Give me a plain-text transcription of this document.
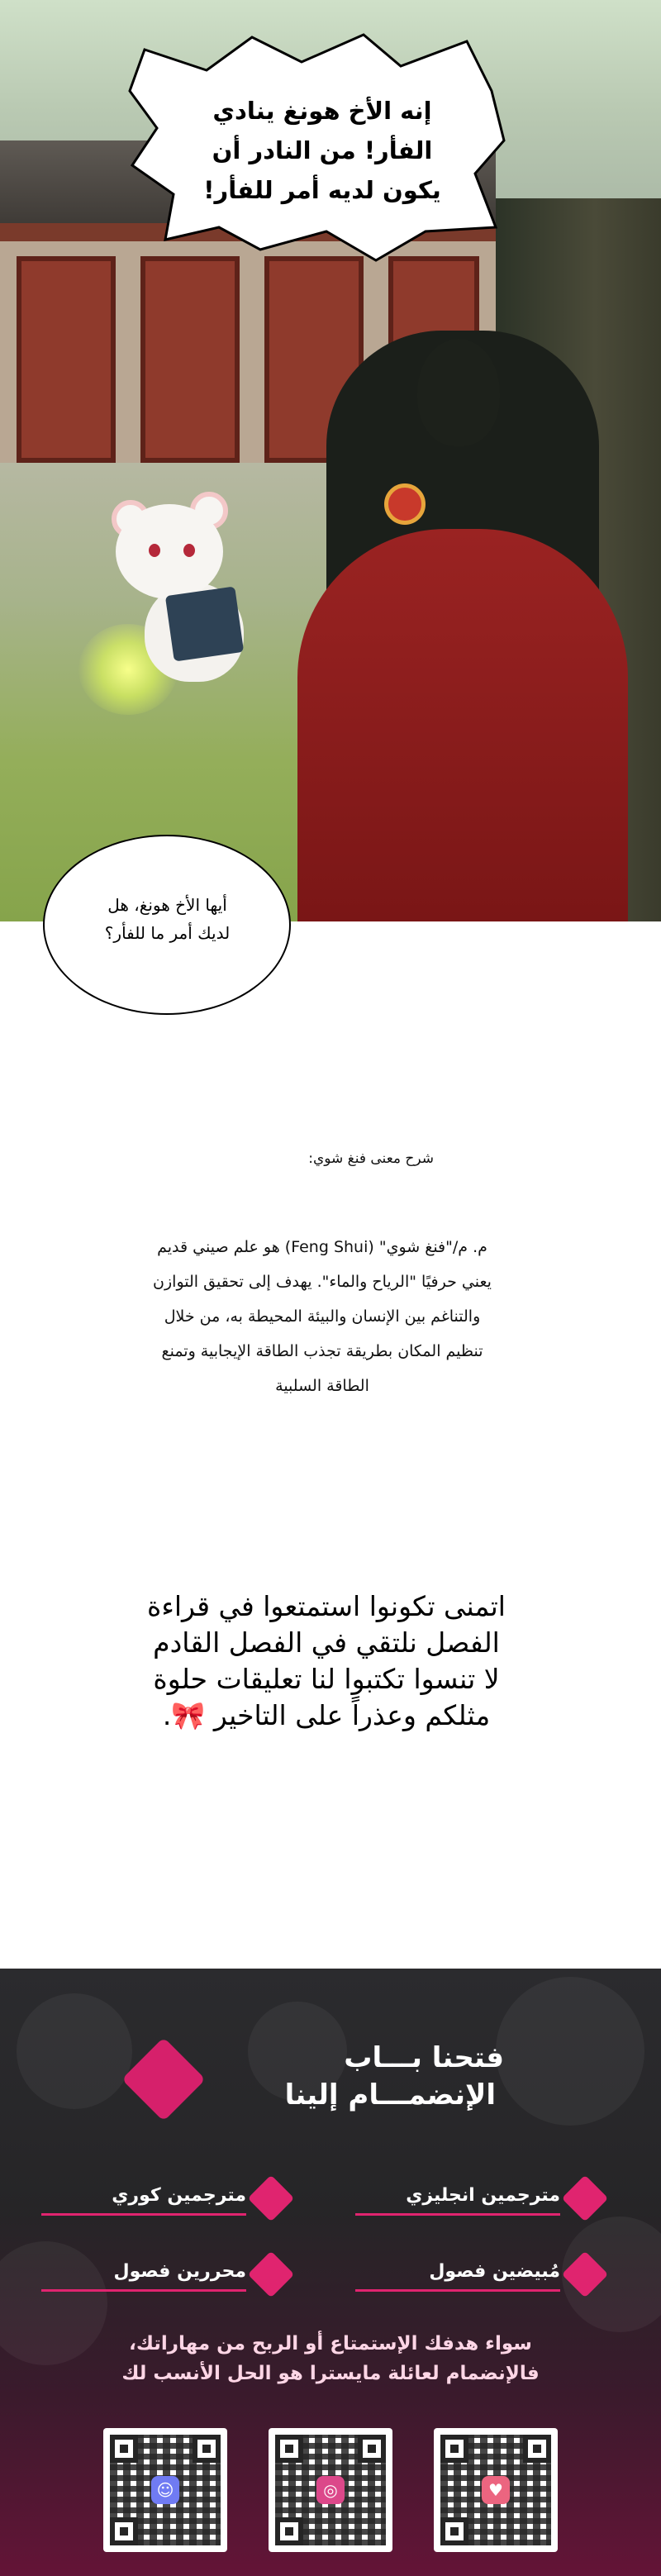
إنه الأخ هونغ ينادي
الفأر! من النادر أن
يكون لديه أمر للفأر!
أيها الأخ هونغ، هل
لديك أمر ما للفأر؟
شرح معنى فنغ شوي:
م. م/"فنغ شوي" (Feng Shui) هو علم صيني قديم
يعني حرفيًا "الرياح والماء". يهدف إلى تحقيق التوازن
والتناغم بين الإنسان والبيئة المحيطة به، من خلال
تنظيم المكان بطريقة تجذب الطاقة الإيجابية وتمنع
الطاقة السلبية
اتمنى تكونوا استمتعوا في قراءة
الفصل نلتقي في الفصل القادم
لا تنسوا تكتبوا لنا تعليقات حلوة
مثلكم وعذراً على التاخير 🎀.
فتحنا بـــاب
الإنضمـــام إلينا
مترجمين انجليزي
مترجمين كوري
مُبيضين فصول
محررين فصول
سواء هدفك الإستمتاع أو الربح من مهاراتك،
فالإنضمام لعائلة مايسترا هو الحل الأنسب لك
♥
◎
☺
